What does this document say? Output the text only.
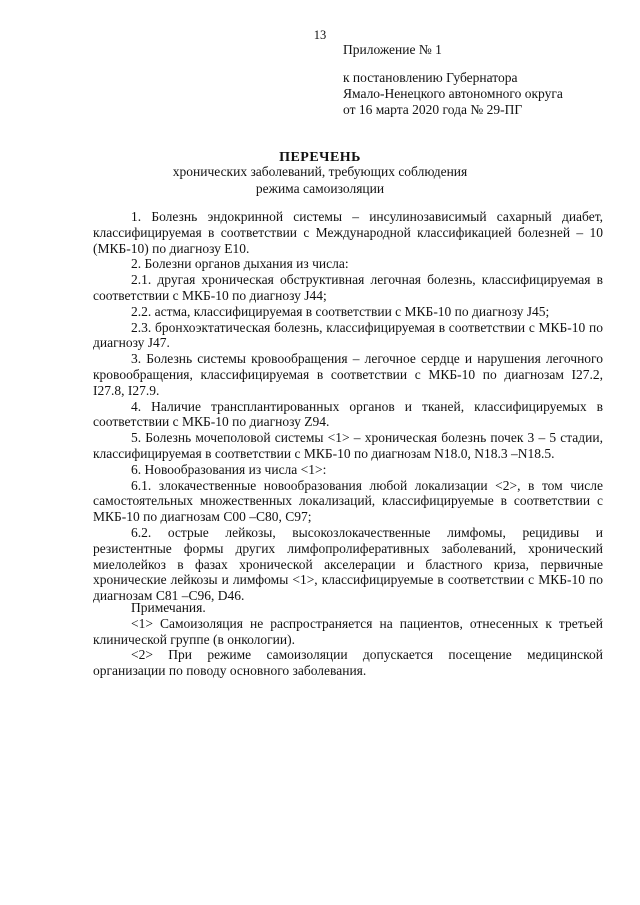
13

Приложение № 1

к постановлению Губернатора

Ямало-Ненецкого автономного округа

от 16 марта 2020 года № 29-ПГ

ПЕРЕЧЕНЬ
хронических заболеваний, требующих соблюдения
режима самоизоляции

1. Болезнь эндокринной системы – инсулинозависимый сахарный диабет, классифицируемая в соответствии с Международной классификацией болезней – 10 (МКБ-10) по диагнозу E10.

2. Болезни органов дыхания из числа:

2.1. другая хроническая обструктивная легочная болезнь, классифицируемая в соответствии с МКБ-10 по диагнозу J44;

2.2. астма, классифицируемая в соответствии с МКБ-10 по диагнозу J45;

2.3. бронхоэктатическая болезнь, классифицируемая в соответствии с МКБ-10 по диагнозу J47.

3. Болезнь системы кровообращения – легочное сердце и нарушения легочного кровообращения, классифицируемая в соответствии с МКБ-10 по диагнозам I27.2, I27.8, I27.9.

4. Наличие трансплантированных органов и тканей, классифицируемых в соответствии с МКБ-10 по диагнозу Z94.

5. Болезнь мочеполовой системы <1> – хроническая болезнь почек 3 – 5 стадии, классифицируемая в соответствии с МКБ-10 по диагнозам N18.0, N18.3 –N18.5.

6. Новообразования из числа <1>:

6.1. злокачественные новообразования любой локализации <2>, в том числе самостоятельных множественных локализаций, классифицируемые в соответствии с МКБ-10 по диагнозам C00 –C80, C97;

6.2. острые лейкозы, высокозлокачественные лимфомы, рецидивы и резистентные формы других лимфопролиферативных заболеваний, хронический миелолейкоз в фазах хронической акселерации и бластного криза, первичные хронические лейкозы и лимфомы <1>, классифицируемые в соответствии с МКБ-10 по диагнозам C81 –C96, D46.

Примечания.

<1> Самоизоляция не распространяется на пациентов, отнесенных к третьей клинической группе (в онкологии).

<2> При режиме самоизоляции допускается посещение медицинской организации по поводу основного заболевания.
